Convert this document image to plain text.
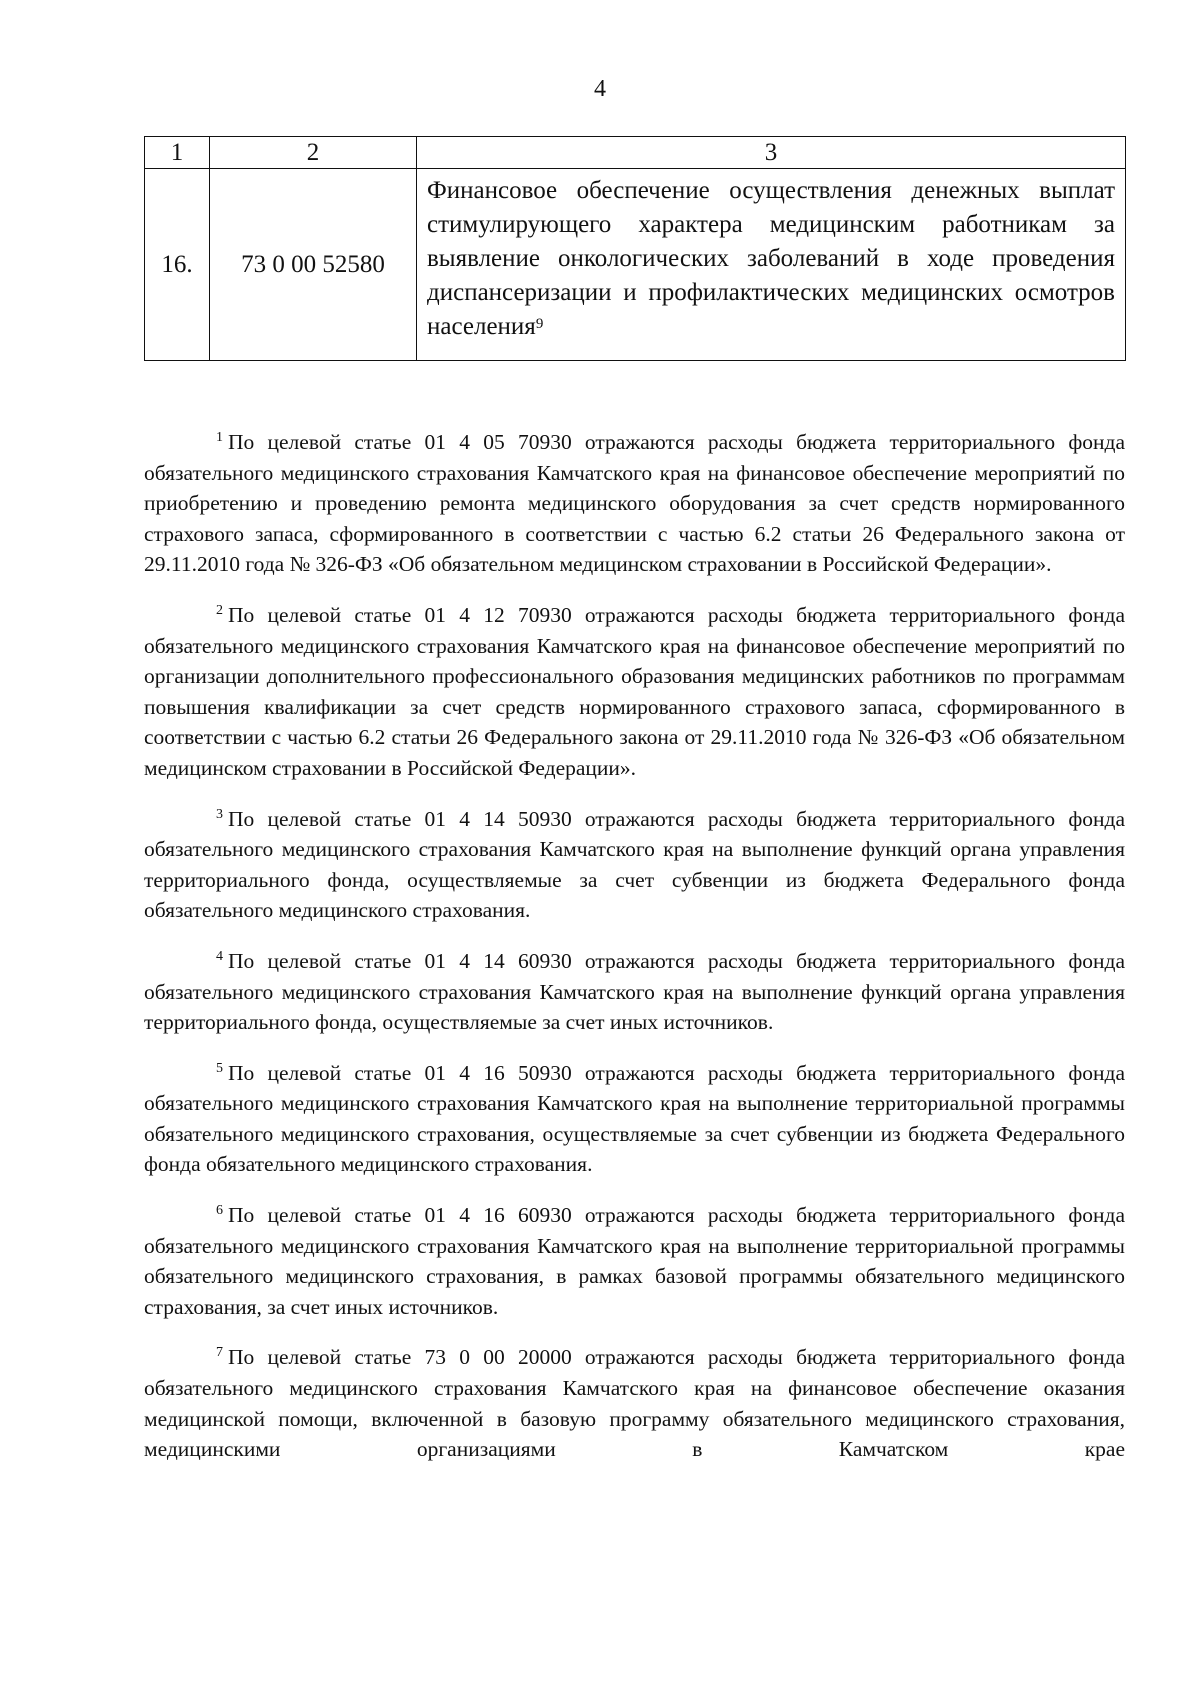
4
1	2	3
16.	73 0 00 52580	Финансовое обеспечение осуществления денежных выплат стимулирующего характера медицинским работникам за выявление онкологических заболеваний в ходе проведения диспансеризации и профилактических медицинских осмотров населения$^9$

$^1$ По целевой статье 01 4 05 70930 отражаются расходы бюджета территориального фонда обязательного медицинского страхования Камчатского края на финансовое обеспечение мероприятий по приобретению и проведению ремонта медицинского оборудования за счет средств нормированного страхового запаса, сформированного в соответствии с частью 6.2 статьи 26 Федерального закона от 29.11.2010 года № 326-ФЗ «Об обязательном медицинском страховании в Российской Федерации».

$^2$ По целевой статье 01 4 12 70930 отражаются расходы бюджета территориального фонда обязательного медицинского страхования Камчатского края на финансовое обеспечение мероприятий по организации дополнительного профессионального образования медицинских работников по программам повышения квалификации за счет средств нормированного страхового запаса, сформированного в соответствии с частью 6.2 статьи 26 Федерального закона от 29.11.2010 года № 326-ФЗ «Об обязательном медицинском страховании в Российской Федерации».

$^3$ По целевой статье 01 4 14 50930 отражаются расходы бюджета территориального фонда обязательного медицинского страхования Камчатского края на выполнение функций органа управления территориального фонда, осуществляемые за счет субвенции из бюджета Федерального фонда обязательного медицинского страхования.

$^4$ По целевой статье 01 4 14 60930 отражаются расходы бюджета территориального фонда обязательного медицинского страхования Камчатского края на выполнение функций органа управления территориального фонда, осуществляемые за счет иных источников.

$^5$ По целевой статье 01 4 16 50930 отражаются расходы бюджета территориального фонда обязательного медицинского страхования Камчатского края на выполнение территориальной программы обязательного медицинского страхования, осуществляемые за счет субвенции из бюджета Федерального фонда обязательного медицинского страхования.

$^6$ По целевой статье 01 4 16 60930 отражаются расходы бюджета территориального фонда обязательного медицинского страхования Камчатского края на выполнение территориальной программы обязательного медицинского страхования, в рамках базовой программы обязательного медицинского страхования, за счет иных источников.

$^7$ По целевой статье 73 0 00 20000 отражаются расходы бюджета территориального фонда обязательного медицинского страхования Камчатского края на финансовое обеспечение оказания медицинской помощи, включенной в базовую программу обязательного медицинского страхования, медицинскими организациями в Камчатском крае
